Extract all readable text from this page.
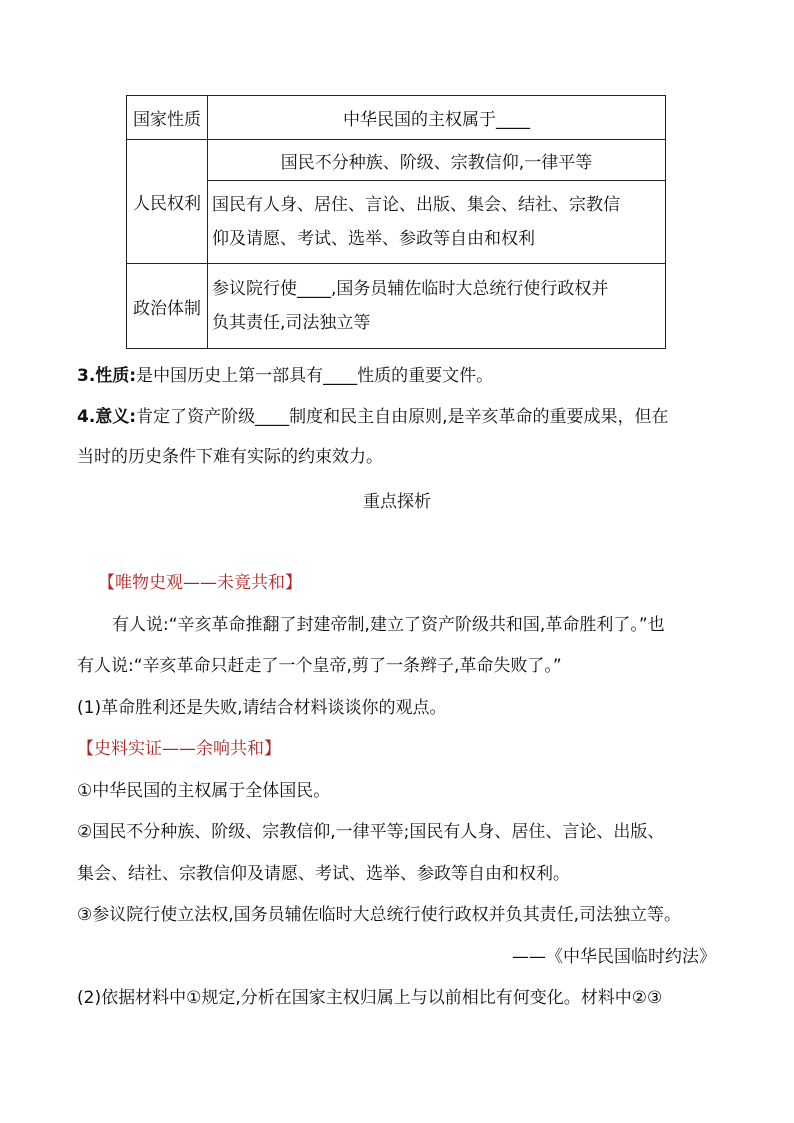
国家性质	中华民国的主权属于____
人民权利	国民不分种族、阶级、宗教信仰,一律平等

	国民有人身、居住、言论、出版、集会、结社、宗教信
仰及请愿、考试、选举、参政等自由和权利

政治体制	参议院行使____,国务员辅佐临时大总统行使行政权并
负其责任,司法独立等
3.性质:是中国历史上第一部具有____性质的重要文件。
4.意义:肯定了资产阶级____制度和民主自由原则,是辛亥革命的重要成果，但在
当时的历史条件下难有实际的约束效力。
重点探析
【唯物史观——未竟共和】
有人说:“辛亥革命推翻了封建帝制,建立了资产阶级共和国,革命胜利了。”也
有人说:“辛亥革命只赶走了一个皇帝,剪了一条辫子,革命失败了。”
(1)革命胜利还是失败,请结合材料谈谈你的观点。
【史料实证——余响共和】
①中华民国的主权属于全体国民。
②国民不分种族、阶级、宗教信仰,一律平等;国民有人身、居住、言论、出版、
集会、结社、宗教信仰及请愿、考试、选举、参政等自由和权利。
③参议院行使立法权,国务员辅佐临时大总统行使行政权并负其责任,司法独立等。
——《中华民国临时约法》
(2)依据材料中①规定,分析在国家主权归属上与以前相比有何变化。材料中②③
